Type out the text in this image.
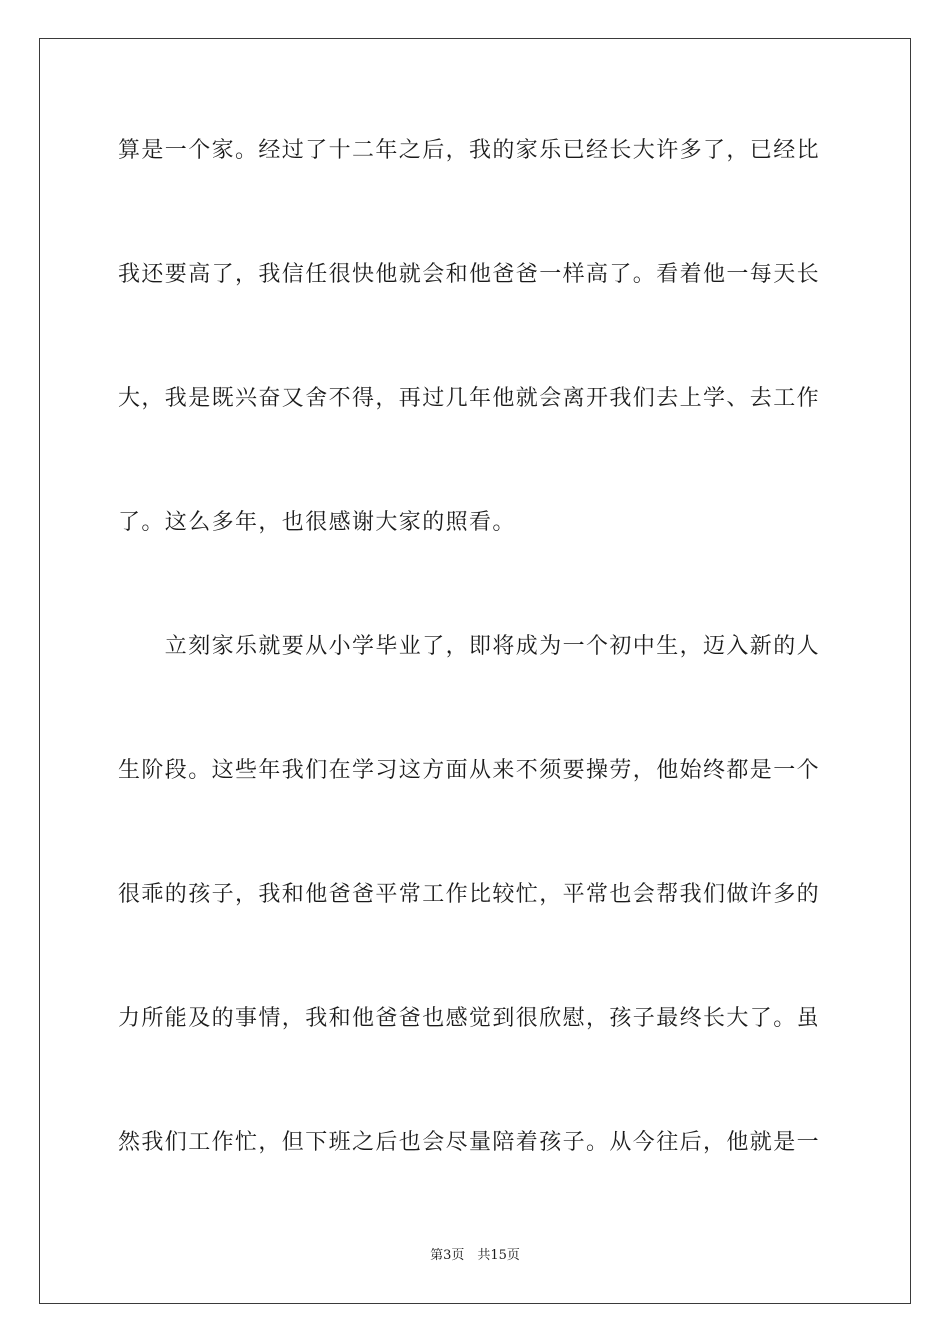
算是一个家。经过了十二年之后，我的家乐已经长大许多了，已经比
我还要高了，我信任很快他就会和他爸爸一样高了。看着他一每天长
大，我是既兴奋又舍不得，再过几年他就会离开我们去上学、去工作
了。这么多年，也很感谢大家的照看。
　　立刻家乐就要从小学毕业了，即将成为一个初中生，迈入新的人
生阶段。这些年我们在学习这方面从来不须要操劳，他始终都是一个
很乖的孩子，我和他爸爸平常工作比较忙，平常也会帮我们做许多的
力所能及的事情，我和他爸爸也感觉到很欣慰，孩子最终长大了。虽
然我们工作忙，但下班之后也会尽量陪着孩子。从今往后，他就是一
第3页　共15页
